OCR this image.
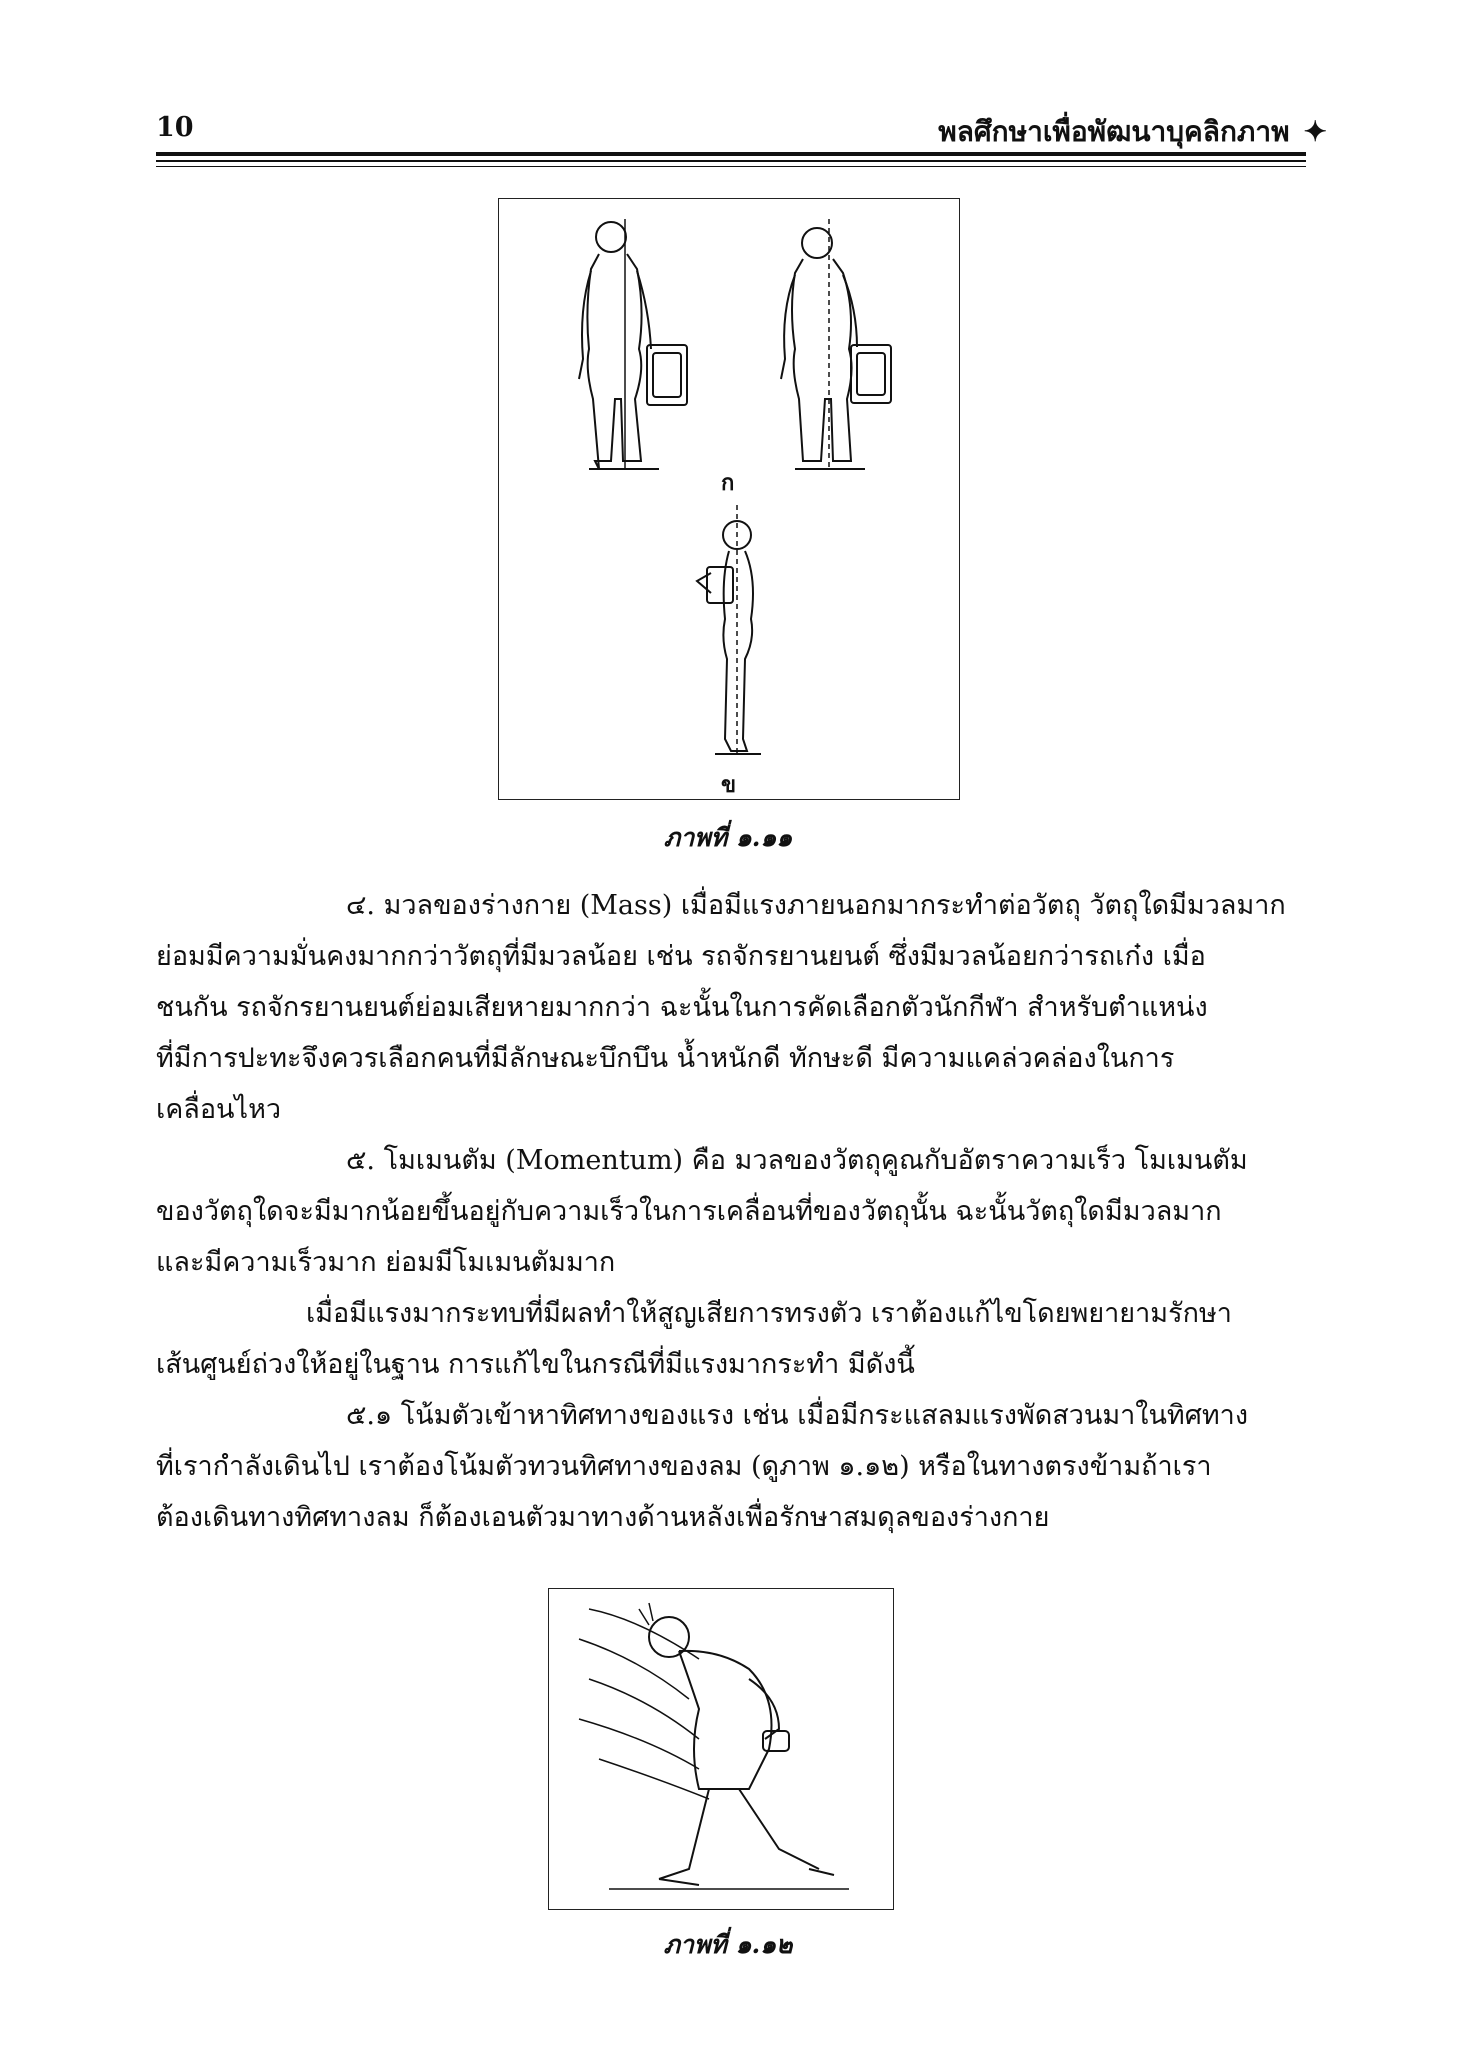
10	พลศึกษาเพื่อพัฒนาบุคลิกภาพ ✦
ก
ข
ภาพที่ ๑.๑๑
๔. มวลของร่างกาย (Mass) เมื่อมีแรงภายนอกมากระทำต่อวัตถุ วัตถุใดมีมวลมาก
ย่อมมีความมั่นคงมากกว่าวัตถุที่มีมวลน้อย เช่น รถจักรยานยนต์ ซึ่งมีมวลน้อยกว่ารถเก๋ง เมื่อ
ชนกัน รถจักรยานยนต์ย่อมเสียหายมากกว่า ฉะนั้นในการคัดเลือกตัวนักกีฬา สำหรับตำแหน่ง
ที่มีการปะทะจึงควรเลือกคนที่มีลักษณะบึกบึน น้ำหนักดี ทักษะดี มีความแคล่วคล่องในการ
เคลื่อนไหว
๕. โมเมนตัม (Momentum) คือ มวลของวัตถุคูณกับอัตราความเร็ว โมเมนตัม
ของวัตถุใดจะมีมากน้อยขึ้นอยู่กับความเร็วในการเคลื่อนที่ของวัตถุนั้น ฉะนั้นวัตถุใดมีมวลมาก
และมีความเร็วมาก ย่อมมีโมเมนตัมมาก
เมื่อมีแรงมากระทบที่มีผลทำให้สูญเสียการทรงตัว เราต้องแก้ไขโดยพยายามรักษา
เส้นศูนย์ถ่วงให้อยู่ในฐาน การแก้ไขในกรณีที่มีแรงมากระทำ มีดังนี้
๕.๑ โน้มตัวเข้าหาทิศทางของแรง เช่น เมื่อมีกระแสลมแรงพัดสวนมาในทิศทาง
ที่เรากำลังเดินไป เราต้องโน้มตัวทวนทิศทางของลม (ดูภาพ ๑.๑๒) หรือในทางตรงข้ามถ้าเรา
ต้องเดินทางทิศทางลม ก็ต้องเอนตัวมาทางด้านหลังเพื่อรักษาสมดุลของร่างกาย
ภาพที่ ๑.๑๒
